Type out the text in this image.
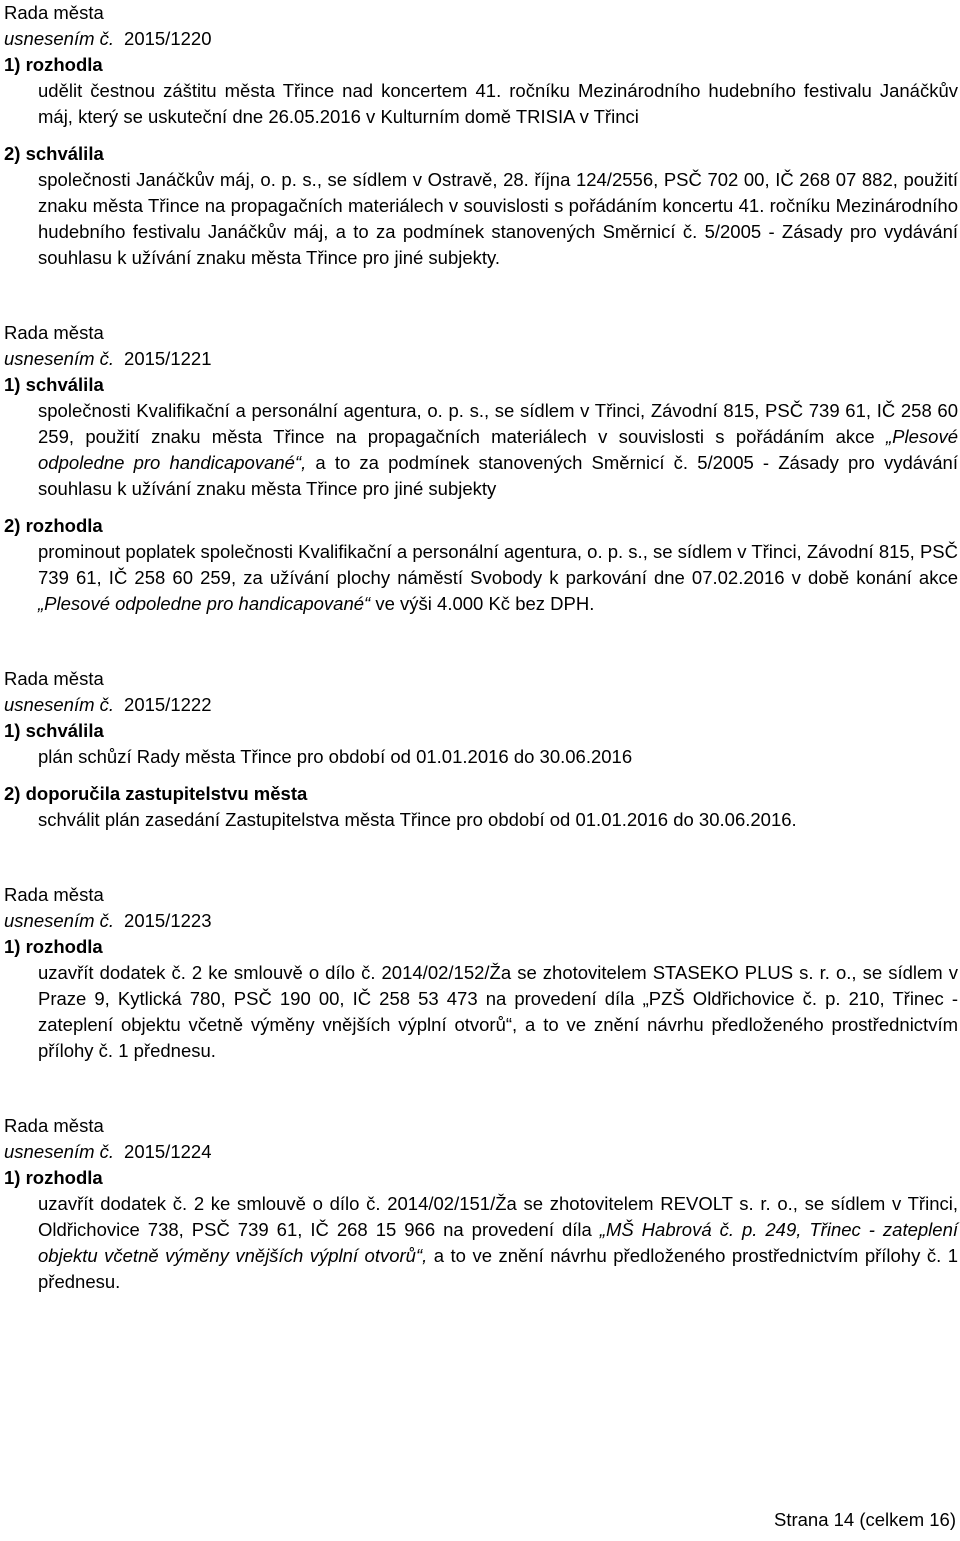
Rada města
usnesením č. 2015/1220
1) rozhodla

udělit čestnou záštitu města Třince nad koncertem 41. ročníku Mezinárodního hudebního festivalu Janáčkův máj, který se uskuteční dne 26.05.2016 v Kulturním domě TRISIA v Třinci

2) schválila

společnosti Janáčkův máj, o. p. s., se sídlem v Ostravě, 28. října 124/2556, PSČ 702 00, IČ 268 07 882, použití znaku města Třince na propagačních materiálech v souvislosti s pořádáním koncertu 41. ročníku Mezinárodního hudebního festivalu Janáčkův máj, a to za podmínek stanovených Směrnicí č. 5/2005 - Zásady pro vydávání souhlasu k užívání znaku města Třince pro jiné subjekty.

Rada města
usnesením č. 2015/1221
1) schválila

společnosti Kvalifikační a personální agentura, o. p. s., se sídlem v Třinci, Závodní 815, PSČ 739 61, IČ 258 60 259, použití znaku města Třince na propagačních materiálech v souvislosti s pořádáním akce „Plesové odpoledne pro handicapované“, a to za podmínek stanovených Směrnicí č. 5/2005 - Zásady pro vydávání souhlasu k užívání znaku města Třince pro jiné subjekty

2) rozhodla

prominout poplatek společnosti Kvalifikační a personální agentura, o. p. s., se sídlem v Třinci, Závodní 815, PSČ 739 61, IČ 258 60 259, za užívání plochy náměstí Svobody k parkování dne 07.02.2016 v době konání akce „Plesové odpoledne pro handicapované“ ve výši 4.000 Kč bez DPH.

Rada města
usnesením č. 2015/1222
1) schválila

plán schůzí Rady města Třince pro období od 01.01.2016 do 30.06.2016

2) doporučila zastupitelstvu města

schválit plán zasedání Zastupitelstva města Třince pro období od 01.01.2016 do 30.06.2016.

Rada města
usnesením č. 2015/1223
1) rozhodla

uzavřít dodatek č. 2 ke smlouvě o dílo č. 2014/02/152/Ža se zhotovitelem STASEKO PLUS s. r. o., se sídlem v Praze 9, Kytlická 780, PSČ 190 00, IČ 258 53 473 na provedení díla „PZŠ Oldřichovice č. p. 210, Třinec - zateplení objektu včetně výměny vnějších výplní otvorů“, a to ve znění návrhu předloženého prostřednictvím přílohy č. 1 přednesu.

Rada města
usnesením č. 2015/1224
1) rozhodla

uzavřít dodatek č. 2 ke smlouvě o dílo č. 2014/02/151/Ža se zhotovitelem REVOLT s. r. o., se sídlem v Třinci, Oldřichovice 738, PSČ 739 61, IČ 268 15 966 na provedení díla „MŠ Habrová č. p. 249, Třinec - zateplení objektu včetně výměny vnějších výplní otvorů“, a to ve znění návrhu předloženého prostřednictvím přílohy č. 1 přednesu.

Strana 14 (celkem 16)
